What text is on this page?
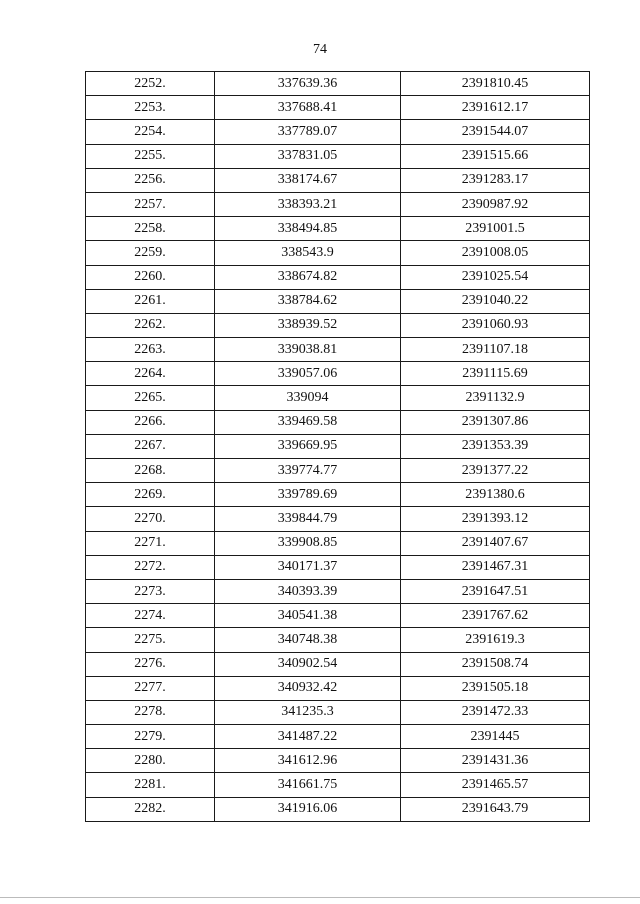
74
2252.	337639.36	2391810.45
2253.	337688.41	2391612.17
2254.	337789.07	2391544.07
2255.	337831.05	2391515.66
2256.	338174.67	2391283.17
2257.	338393.21	2390987.92
2258.	338494.85	2391001.5
2259.	338543.9	2391008.05
2260.	338674.82	2391025.54
2261.	338784.62	2391040.22
2262.	338939.52	2391060.93
2263.	339038.81	2391107.18
2264.	339057.06	2391115.69
2265.	339094	2391132.9
2266.	339469.58	2391307.86
2267.	339669.95	2391353.39
2268.	339774.77	2391377.22
2269.	339789.69	2391380.6
2270.	339844.79	2391393.12
2271.	339908.85	2391407.67
2272.	340171.37	2391467.31
2273.	340393.39	2391647.51
2274.	340541.38	2391767.62
2275.	340748.38	2391619.3
2276.	340902.54	2391508.74
2277.	340932.42	2391505.18
2278.	341235.3	2391472.33
2279.	341487.22	2391445
2280.	341612.96	2391431.36
2281.	341661.75	2391465.57
2282.	341916.06	2391643.79
